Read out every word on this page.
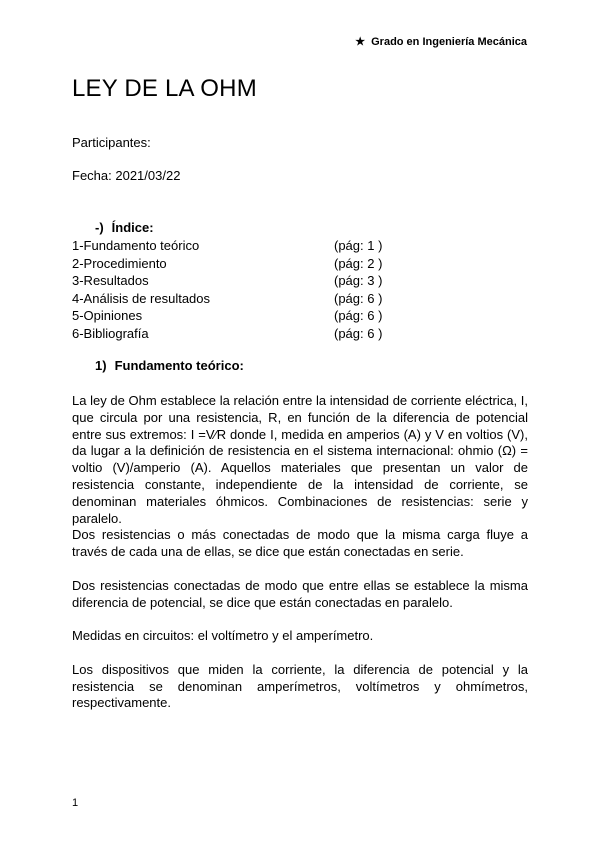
★ Grado en Ingeniería Mecánica
LEY DE LA OHM
Participantes:
Fecha: 2021/03/22
-) Índice:
1-Fundamento teórico	(pág: 1 )
2-Procedimiento	(pág: 2 )
3-Resultados	(pág: 3 )
4-Análisis de resultados	(pág: 6 )
5-Opiniones	(pág: 6 )
6-Bibliografía	(pág: 6 )
1) Fundamento teórico:

La ley de Ohm establece la relación entre la intensidad de corriente eléctrica, I, que circula por una resistencia, R, en función de la diferencia de potencial entre sus extremos: I =V⁄R donde I, medida en amperios (A) y V en voltios (V), da lugar a la definición de resistencia en el sistema internacional: ohmio (Ω) = voltio (V)/amperio (A). Aquellos materiales que presentan un valor de resistencia constante, independiente de la intensidad de corriente, se denominan materiales óhmicos. Combinaciones de resistencias: serie y paralelo.

Dos resistencias o más conectadas de modo que la misma carga fluye a través de cada una de ellas, se dice que están conectadas en serie.

Dos resistencias conectadas de modo que entre ellas se establece la misma diferencia de potencial, se dice que están conectadas en paralelo.

Medidas en circuitos: el voltímetro y el amperímetro.

Los dispositivos que miden la corriente, la diferencia de potencial y la resistencia se denominan amperímetros, voltímetros y ohmímetros, respectivamente.

1
